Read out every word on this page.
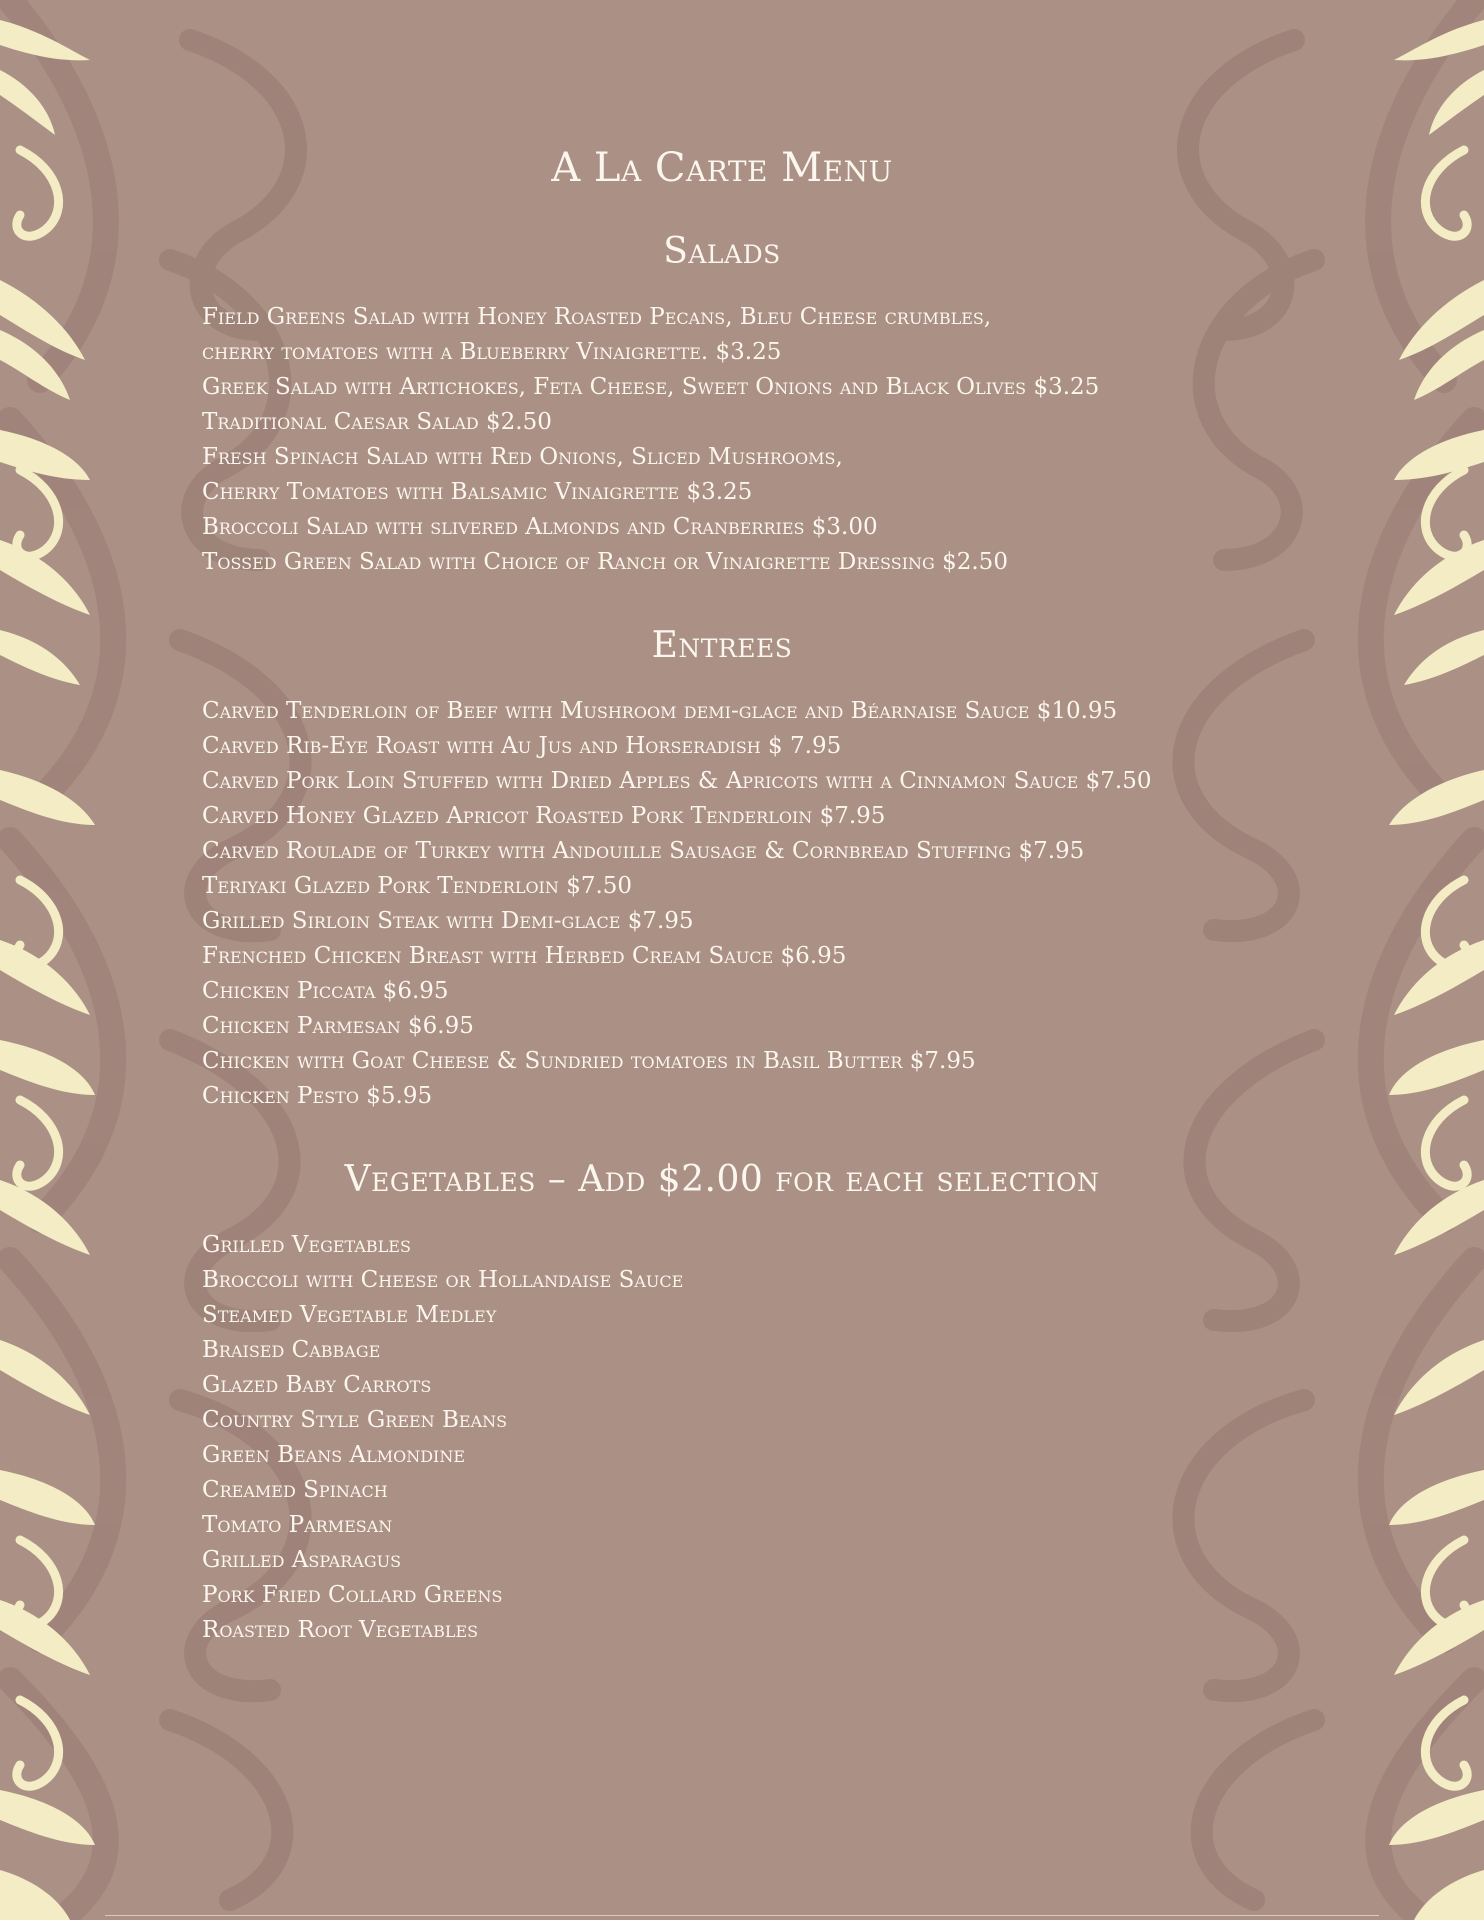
A La Carte Menu
Salads
Field Greens Salad with Honey Roasted Pecans, Bleu Cheese crumbles,
cherry tomatoes with a Blueberry Vinaigrette. $3.25
Greek Salad with Artichokes, Feta Cheese, Sweet Onions and Black Olives $3.25
Traditional Caesar Salad $2.50
Fresh Spinach Salad with Red Onions, Sliced Mushrooms,
Cherry Tomatoes with Balsamic Vinaigrette $3.25
Broccoli Salad with slivered Almonds and Cranberries $3.00
Tossed Green Salad with Choice of Ranch or Vinaigrette Dressing $2.50
Entrees
Carved Tenderloin of Beef with Mushroom demi-glace and Béarnaise Sauce $10.95
Carved Rib-Eye Roast with Au Jus and Horseradish $ 7.95
Carved Pork Loin Stuffed with Dried Apples & Apricots with a Cinnamon Sauce $7.50
Carved Honey Glazed Apricot Roasted Pork Tenderloin $7.95
Carved Roulade of Turkey with Andouille Sausage & Cornbread Stuffing $7.95
Teriyaki Glazed Pork Tenderloin $7.50
Grilled Sirloin Steak with Demi-glace $7.95
Frenched Chicken Breast with Herbed Cream Sauce $6.95
Chicken Piccata $6.95
Chicken Parmesan $6.95
Chicken with Goat Cheese & Sundried tomatoes in Basil Butter $7.95
Chicken Pesto $5.95
Vegetables – Add $2.00 for each selection
Grilled Vegetables
Broccoli with Cheese or Hollandaise Sauce
Steamed Vegetable Medley
Braised Cabbage
Glazed Baby Carrots
Country Style Green Beans
Green Beans Almondine
Creamed Spinach
Tomato Parmesan
Grilled Asparagus
Pork Fried Collard Greens
Roasted Root Vegetables
